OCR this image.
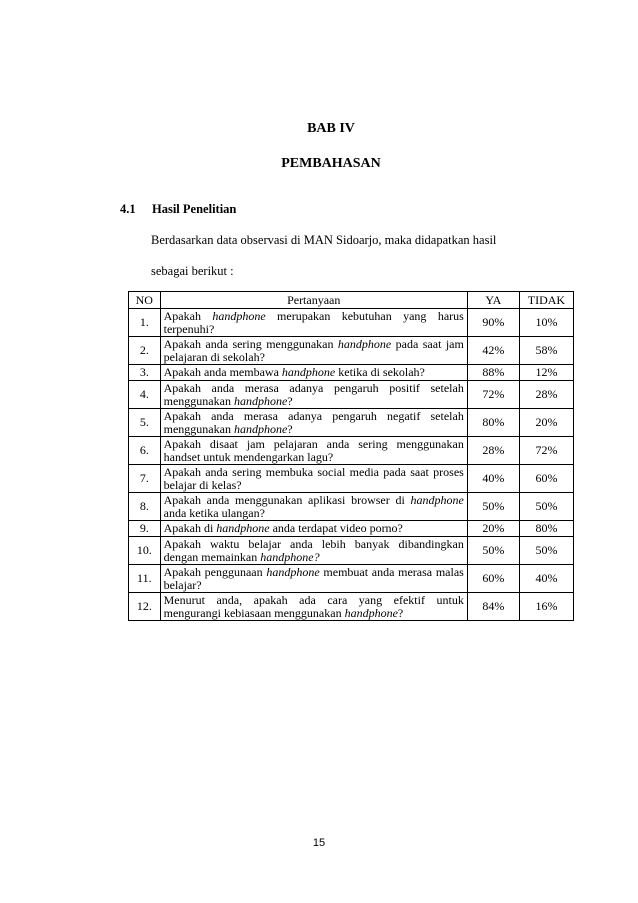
BAB IV
PEMBAHASAN
4.1 Hasil Penelitian
Berdasarkan data observasi di MAN Sidoarjo, maka didapatkan hasil
sebagai berikut :
NO	Pertanyaan	YA	TIDAK
1.	Apakah handphone merupakan kebutuhan yang harus terpenuhi?	90%	10%
2.	Apakah anda sering menggunakan handphone pada saat jam pelajaran di sekolah?	42%	58%
3.	Apakah anda membawa handphone ketika di sekolah?	88%	12%
4.	Apakah anda merasa adanya pengaruh positif setelah menggunakan handphone?	72%	28%
5.	Apakah anda merasa adanya pengaruh negatif setelah menggunakan handphone?	80%	20%
6.	Apakah disaat jam pelajaran anda sering menggunakan handset untuk mendengarkan lagu?	28%	72%
7.	Apakah anda sering membuka social media pada saat proses belajar di kelas?	40%	60%
8.	Apakah anda menggunakan aplikasi browser di handphone anda ketika ulangan?	50%	50%
9.	Apakah di handphone anda terdapat video porno?	20%	80%
10.	Apakah waktu belajar anda lebih banyak dibandingkan dengan memainkan handphone?	50%	50%
11.	Apakah penggunaan handphone membuat anda merasa malas belajar?	60%	40%
12.	Menurut anda, apakah ada cara yang efektif untuk mengurangi kebiasaan menggunakan handphone?	84%	16%
15
